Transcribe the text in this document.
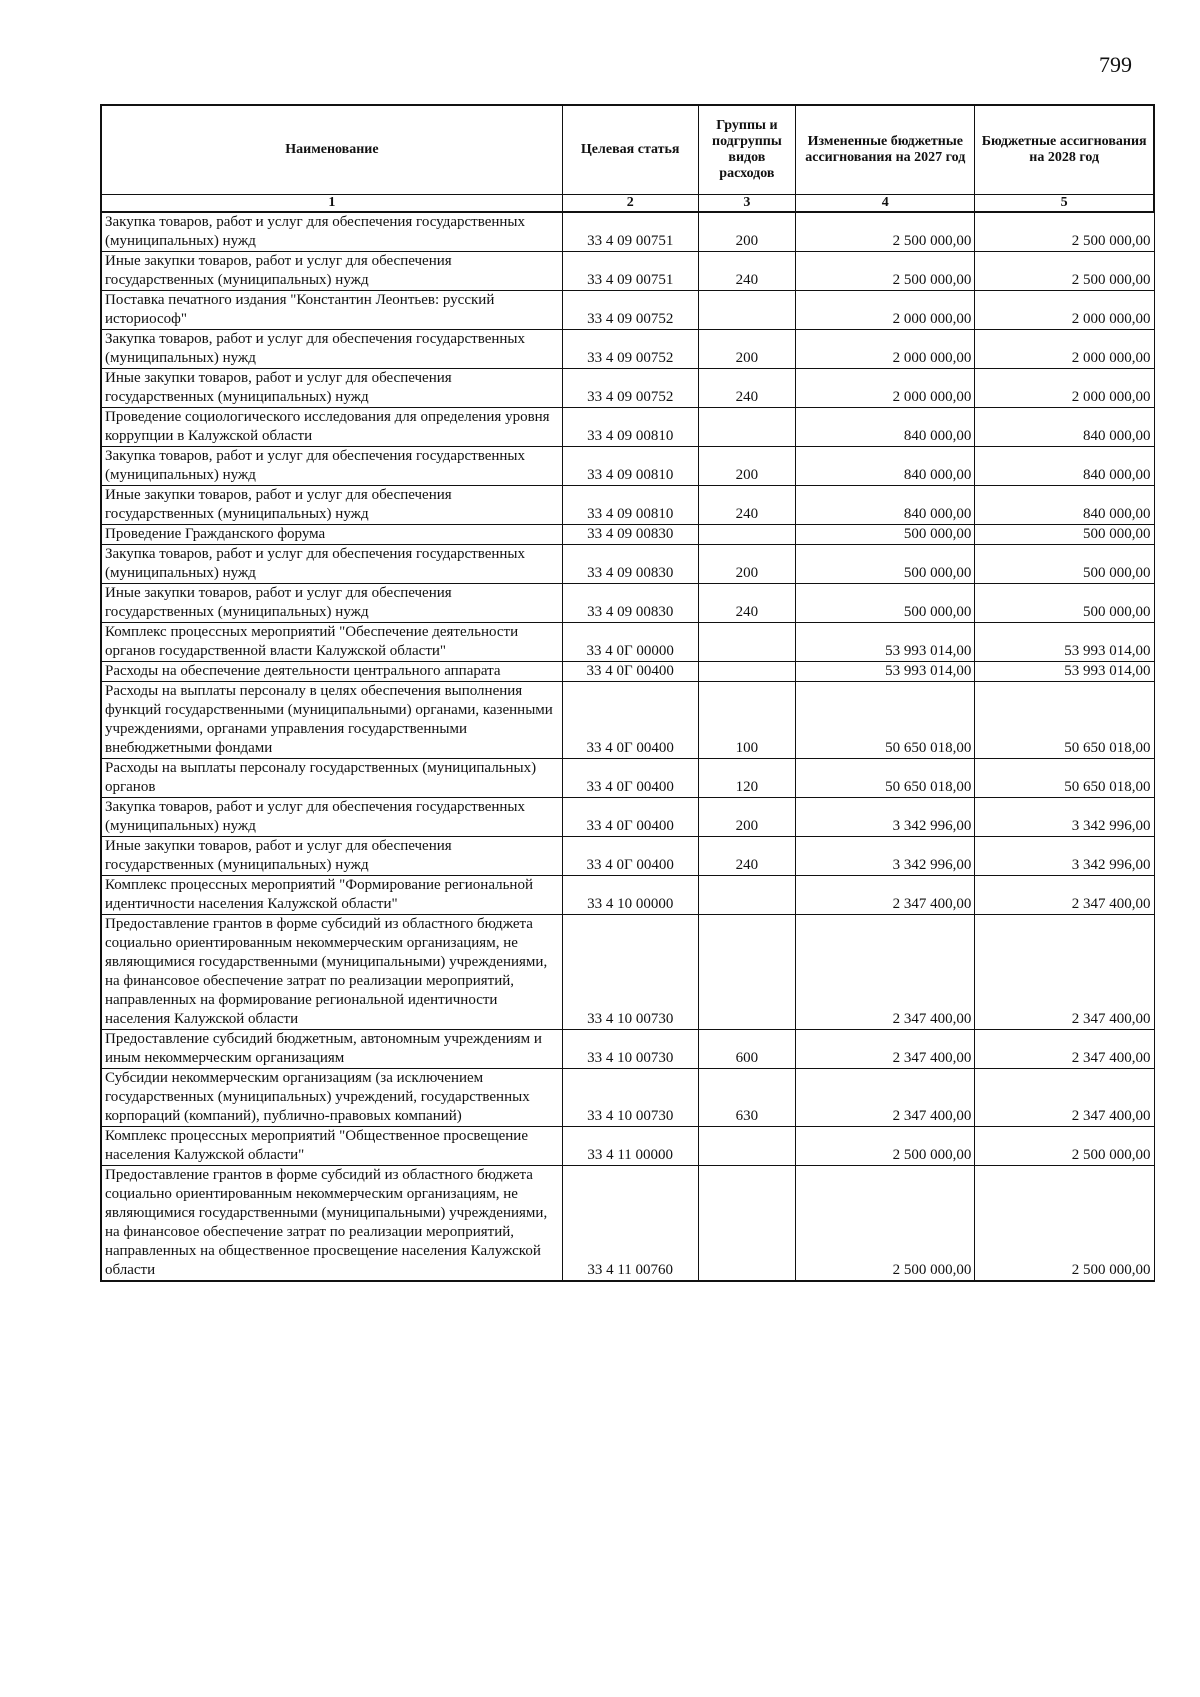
799
Наименование	Целевая статья	Группы и подгруппы видов расходов	Измененные бюджетные ассигнования на 2027 год	Бюджетные ассигнования на 2028 год
1	2	3	4	5
Закупка товаров, работ и услуг для обеспечения государственных (муниципальных) нужд	33 4 09 00751	200	2 500 000,00	2 500 000,00
Иные закупки товаров, работ и услуг для обеспечения государственных (муниципальных) нужд	33 4 09 00751	240	2 500 000,00	2 500 000,00
Поставка печатного издания "Константин Леонтьев: русский историософ"	33 4 09 00752		2 000 000,00	2 000 000,00
Закупка товаров, работ и услуг для обеспечения государственных (муниципальных) нужд	33 4 09 00752	200	2 000 000,00	2 000 000,00
Иные закупки товаров, работ и услуг для обеспечения государственных (муниципальных) нужд	33 4 09 00752	240	2 000 000,00	2 000 000,00
Проведение социологического исследования для определения уровня коррупции в Калужской области	33 4 09 00810		840 000,00	840 000,00
Закупка товаров, работ и услуг для обеспечения государственных (муниципальных) нужд	33 4 09 00810	200	840 000,00	840 000,00
Иные закупки товаров, работ и услуг для обеспечения государственных (муниципальных) нужд	33 4 09 00810	240	840 000,00	840 000,00
Проведение Гражданского форума	33 4 09 00830		500 000,00	500 000,00
Закупка товаров, работ и услуг для обеспечения государственных (муниципальных) нужд	33 4 09 00830	200	500 000,00	500 000,00
Иные закупки товаров, работ и услуг для обеспечения государственных (муниципальных) нужд	33 4 09 00830	240	500 000,00	500 000,00
Комплекс процессных мероприятий "Обеспечение деятельности органов государственной власти Калужской области"	33 4 0Г 00000		53 993 014,00	53 993 014,00
Расходы на обеспечение деятельности центрального аппарата	33 4 0Г 00400		53 993 014,00	53 993 014,00
Расходы на выплаты персоналу в целях обеспечения выполнения функций государственными (муниципальными) органами, казенными учреждениями, органами управления государственными внебюджетными фондами	33 4 0Г 00400	100	50 650 018,00	50 650 018,00
Расходы на выплаты персоналу государственных (муниципальных) органов	33 4 0Г 00400	120	50 650 018,00	50 650 018,00
Закупка товаров, работ и услуг для обеспечения государственных (муниципальных) нужд	33 4 0Г 00400	200	3 342 996,00	3 342 996,00
Иные закупки товаров, работ и услуг для обеспечения государственных (муниципальных) нужд	33 4 0Г 00400	240	3 342 996,00	3 342 996,00
Комплекс процессных мероприятий "Формирование региональной идентичности населения Калужской области"	33 4 10 00000		2 347 400,00	2 347 400,00
Предоставление грантов в форме субсидий из областного бюджета социально ориентированным некоммерческим организациям, не являющимися государственными (муниципальными) учреждениями, на финансовое обеспечение затрат по реализации мероприятий, направленных на формирование региональной идентичности населения Калужской области	33 4 10 00730		2 347 400,00	2 347 400,00
Предоставление субсидий бюджетным, автономным учреждениям и иным некоммерческим организациям	33 4 10 00730	600	2 347 400,00	2 347 400,00
Субсидии некоммерческим организациям (за исключением государственных (муниципальных) учреждений, государственных корпораций (компаний), публично-правовых компаний)	33 4 10 00730	630	2 347 400,00	2 347 400,00
Комплекс процессных мероприятий "Общественное просвещение населения Калужской области"	33 4 11 00000		2 500 000,00	2 500 000,00
Предоставление грантов в форме субсидий из областного бюджета социально ориентированным некоммерческим организациям, не являющимися государственными (муниципальными) учреждениями, на финансовое обеспечение затрат по реализации мероприятий, направленных на общественное просвещение населения Калужской области	33 4 11 00760		2 500 000,00	2 500 000,00
